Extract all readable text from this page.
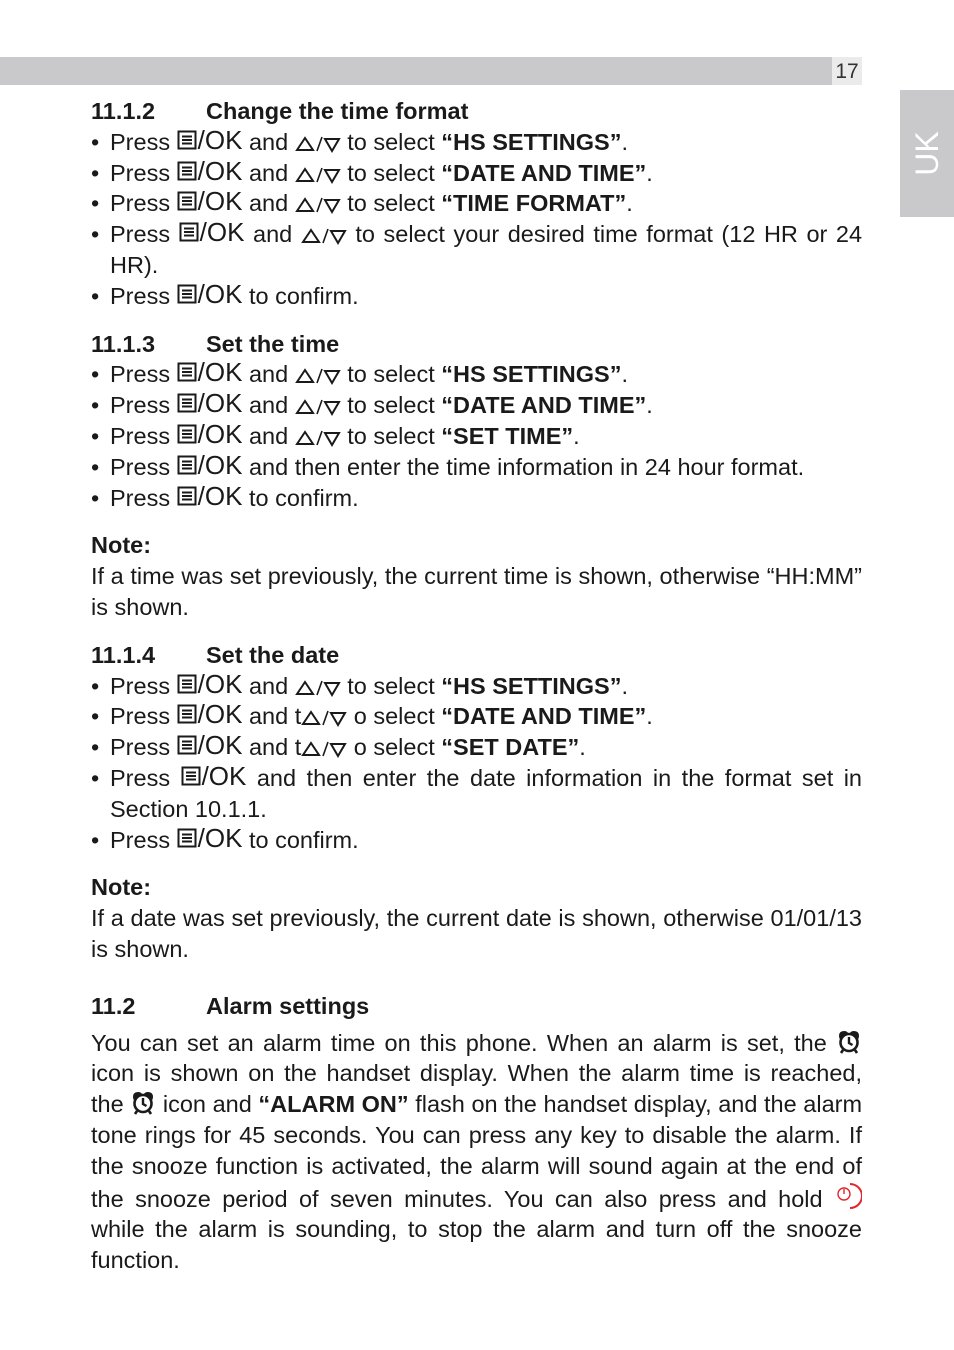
17
UK
11.1.2 Change the time format
• Press /OK and	to select “HS SETTINGS”.
• Press /OK and	to select “DATE AND TIME”.
• Press /OK and	to select “TIME FORMAT”.
• Press /OK and	to select your desired time format (12 HR or 24 HR).
• Press /OK to confirm.
11.1.3 Set the time
• Press /OK and	to select “HS SETTINGS”.
• Press /OK and	to select “DATE AND TIME”.
• Press /OK and	to select “SET TIME”.
• Press /OK and then enter the time information in 24 hour format.
• Press /OK to confirm.
Note:
If a time was set previously, the current time is shown, otherwise “HH:MM” is shown.
11.1.4 Set the date
• Press /OK and	to select “HS SETTINGS”.
• Press /OK and t o select “DATE AND TIME”.
• Press /OK and t o select “SET DATE”.
• Press /OK and then enter the date information in the format set in Section 10.1.1.
• Press /OK to confirm.
Note:
If a date was set previously, the current date is shown, otherwise 01/01/13 is shown.
11.2	Alarm settings
You can set an alarm time on this phone. When an alarm is set, the  icon is shown on the handset display. When the alarm time is reached, the icon and “ALARM ON” flash on the handset display, and the alarm tone rings for 45 seconds. You can press any key to disable the alarm. If the snooze function is activated, the alarm will sound again at the end of the snooze period of seven minutes. You can also press and hold  while the alarm is sounding, to stop the alarm and turn off the snooze function.
